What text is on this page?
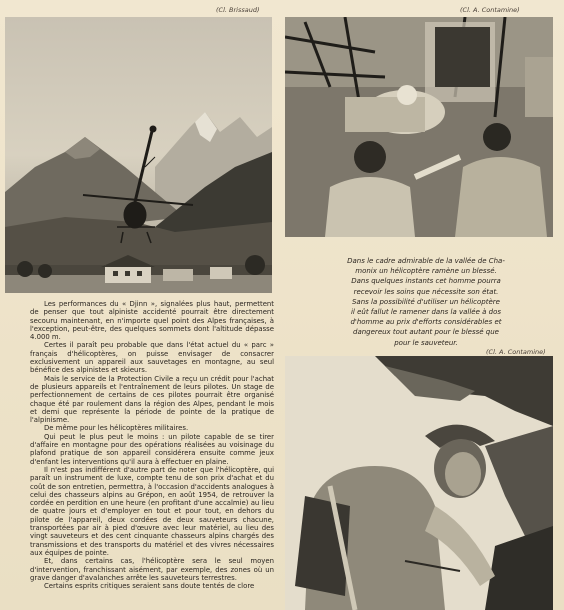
(Cl. Brissaud)	(Cl. A. Contamine)

Dans le cadre admirable de la vallée de Cha-

monix un hélicoptère ramène un blessé.

Dans quelques instants cet homme pourra

recevoir les soins que nécessite son état.

Sans la possibilité d'utiliser un hélicoptère

il eût fallut le ramener dans la vallée à dos

d'homme au prix d'efforts considérables et

dangereux tout autant pour le blessé que

pour le sauveteur.

(Cl. A. Contamine)

Les performances du « Djinn », signalées plus haut, permettent de penser que tout alpiniste accidenté pourrait être directement secouru maintenant, en n'importe quel point des Alpes françaises, à l'exception, peut-être, des quelques sommets dont l'altitude dépasse 4.000 m.

Certes il paraît peu probable que dans l'état actuel du « parc » français d'hélicoptères, on puisse envisager de consacrer exclusivement un appareil aux sauvetages en montagne, au seul bénéfice des alpinistes et skieurs.

Mais le service de la Protection Civile a reçu un crédit pour l'achat de plusieurs appareils et l'entraînement de leurs pilotes. Un stage de perfectionnement de certains de ces pilotes pourrait être organisé chaque été par roulement dans la région des Alpes, pendant le mois et demi que représente la période de pointe de la pratique de l'alpinisme.

De même pour les hélicoptères militaires.

Qui peut le plus peut le moins : un pilote capable de se tirer d'affaire en montagne pour des opérations réalisées au voisinage du plafond pratique de son appareil considérera ensuite comme jeux d'enfant les interventions qu'il aura à effectuer en plaine.

Il n'est pas indifférent d'autre part de noter que l'hélicoptère, qui paraît un instrument de luxe, compte tenu de son prix d'achat et du coût de son entretien, permettra, à l'occasion d'accidents analogues à celui des chasseurs alpins au Grépon, en août 1954, de retrouver la cordée en perdition en une heure (en profitant d'une accalmie) au lieu de quatre jours et d'employer en tout et pour tout, en dehors du pilote de l'appareil, deux cordées de deux sauveteurs chacune, transportées par air à pied d'œuvre avec leur matériel, au lieu des vingt sauveteurs et des cent cinquante chasseurs alpins chargés des transmissions et des transports du matériel et des vivres nécessaires aux équipes de pointe.

Et, dans certains cas, l'hélicoptère sera le seul moyen d'intervention, franchissant aisément, par exemple, des zones où un grave danger d'avalanches arrête les sauveteurs terrestres.

Certains esprits critiques seraient sans doute tentés de clore
